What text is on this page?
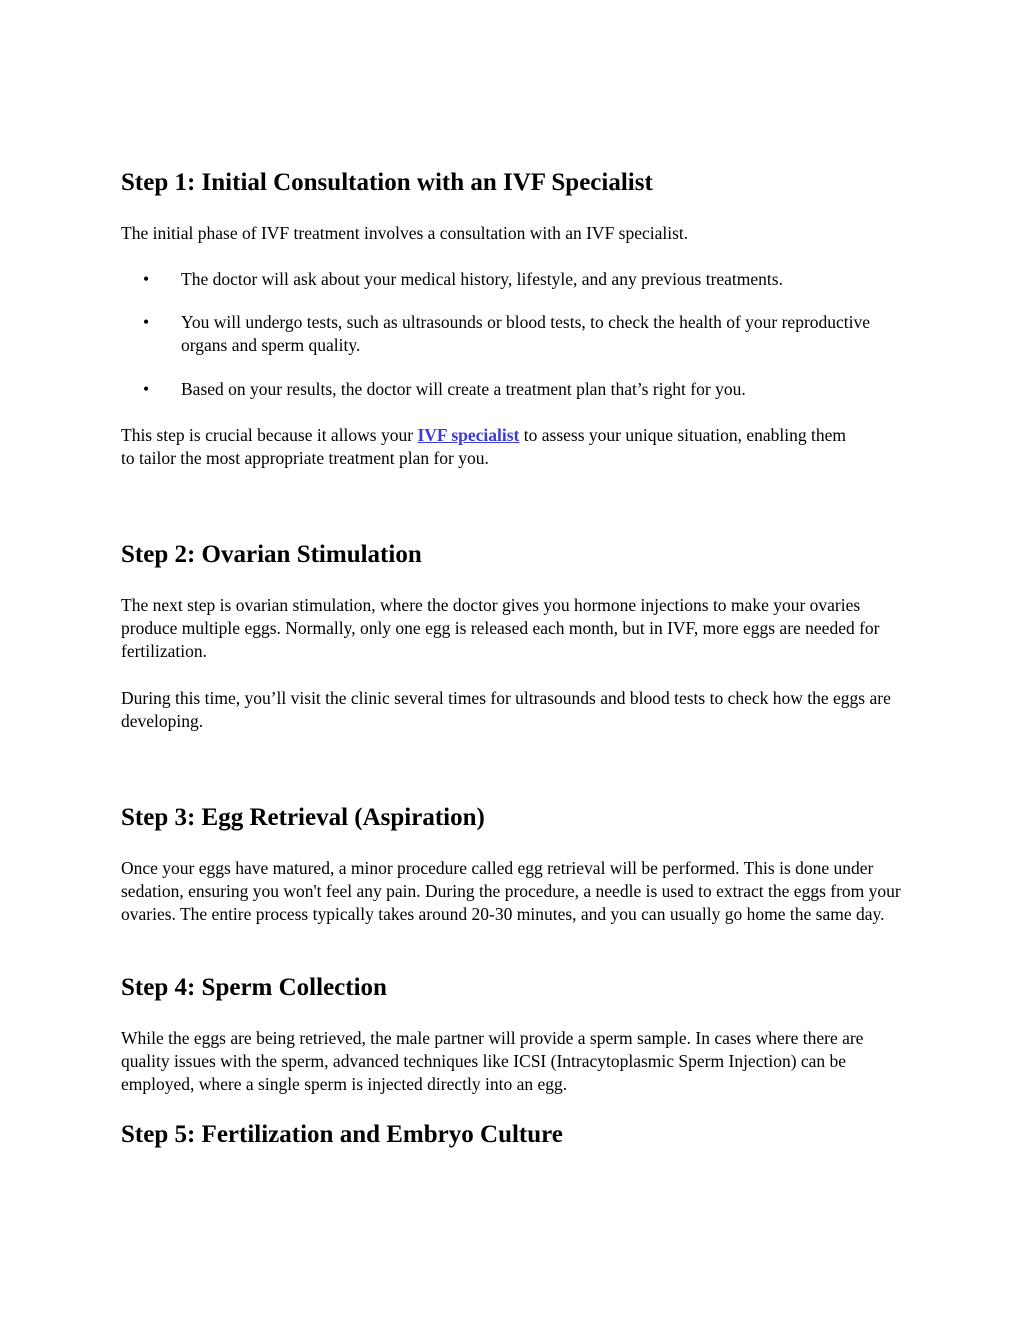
Step 1: Initial Consultation with an IVF Specialist

The initial phase of IVF treatment involves a consultation with an IVF specialist.

• The doctor will ask about your medical history, lifestyle, and any previous treatments.
• You will undergo tests, such as ultrasounds or blood tests, to check the health of your reproductive organs and sperm quality.
• Based on your results, the doctor will create a treatment plan that’s right for you.

This step is crucial because it allows your IVF specialist to assess your unique situation, enabling them to tailor the most appropriate treatment plan for you.

Step 2: Ovarian Stimulation

The next step is ovarian stimulation, where the doctor gives you hormone injections to make your ovaries produce multiple eggs. Normally, only one egg is released each month, but in IVF, more eggs are needed for fertilization.

During this time, you’ll visit the clinic several times for ultrasounds and blood tests to check how the eggs are developing.

Step 3: Egg Retrieval (Aspiration)

Once your eggs have matured, a minor procedure called egg retrieval will be performed. This is done under sedation, ensuring you won't feel any pain. During the procedure, a needle is used to extract the eggs from your ovaries. The entire process typically takes around 20-30 minutes, and you can usually go home the same day.

Step 4: Sperm Collection

While the eggs are being retrieved, the male partner will provide a sperm sample. In cases where there are quality issues with the sperm, advanced techniques like ICSI (Intracytoplasmic Sperm Injection) can be employed, where a single sperm is injected directly into an egg.

Step 5: Fertilization and Embryo Culture
